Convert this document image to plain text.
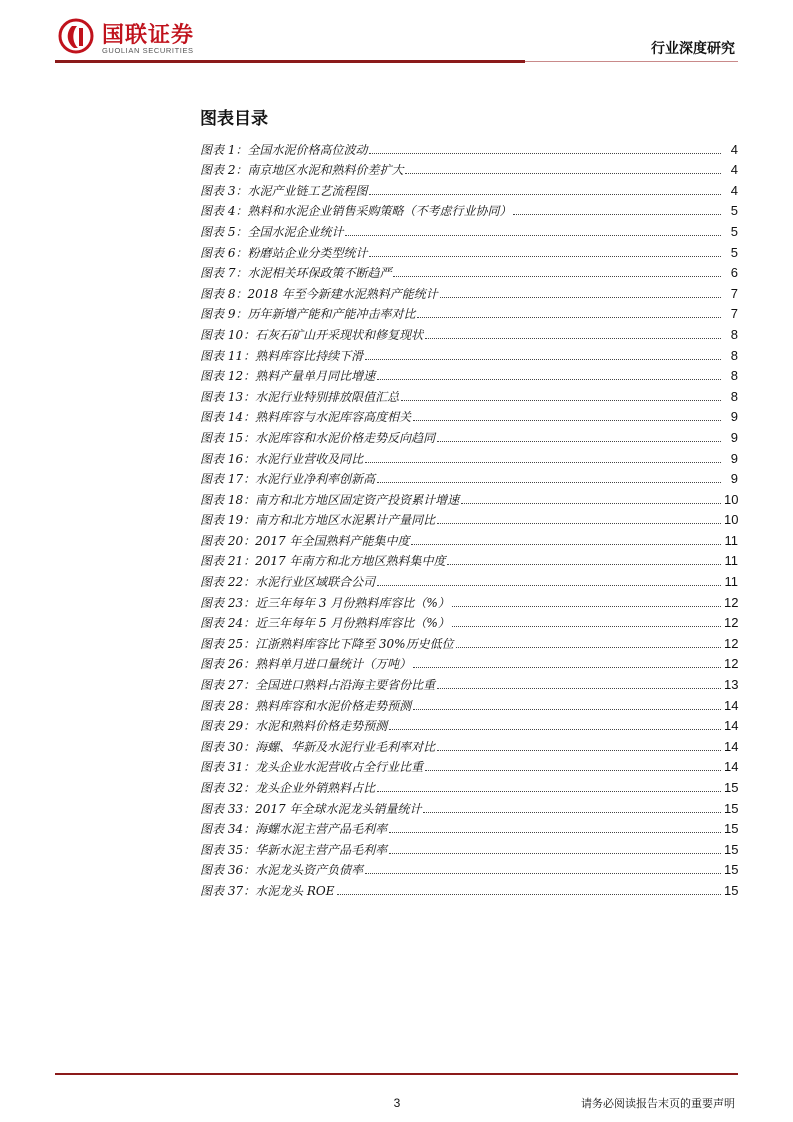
国联证券
GUOLIAN SECURITIES	行业深度研究
图表目录
图表 1：全国水泥价格高位波动	4
图表 2：南京地区水泥和熟料价差扩大	4
图表 3：水泥产业链工艺流程图	4
图表 4：熟料和水泥企业销售采购策略（不考虑行业协同）	5
图表 5：全国水泥企业统计	5
图表 6：粉磨站企业分类型统计	5
图表 7：水泥相关环保政策不断趋严	6
图表 8：2018 年至今新建水泥熟料产能统计	7
图表 9：历年新增产能和产能冲击率对比	7
图表 10：石灰石矿山开采现状和修复现状	8
图表 11：熟料库容比持续下滑	8
图表 12：熟料产量单月同比增速	8
图表 13：水泥行业特别排放限值汇总	8
图表 14：熟料库容与水泥库容高度相关	9
图表 15：水泥库容和水泥价格走势反向趋同	9
图表 16：水泥行业营收及同比	9
图表 17：水泥行业净利率创新高	9
图表 18：南方和北方地区固定资产投资累计增速	10
图表 19：南方和北方地区水泥累计产量同比	10
图表 20：2017 年全国熟料产能集中度	11
图表 21：2017 年南方和北方地区熟料集中度	11
图表 22：水泥行业区域联合公司	11
图表 23：近三年每年 3 月份熟料库容比（%）	12
图表 24：近三年每年 5 月份熟料库容比（%）	12
图表 25：江浙熟料库容比下降至 30%历史低位	12
图表 26：熟料单月进口量统计（万吨）	12
图表 27：全国进口熟料占沿海主要省份比重	13
图表 28：熟料库容和水泥价格走势预测	14
图表 29：水泥和熟料价格走势预测	14
图表 30：海螺、华新及水泥行业毛利率对比	14
图表 31：龙头企业水泥营收占全行业比重	14
图表 32：龙头企业外销熟料占比	15
图表 33：2017 年全球水泥龙头销量统计	15
图表 34：海螺水泥主营产品毛利率	15
图表 35：华新水泥主营产品毛利率	15
图表 36：水泥龙头资产负债率	15
图表 37：水泥龙头 ROE	15
3	请务必阅读报告末页的重要声明
